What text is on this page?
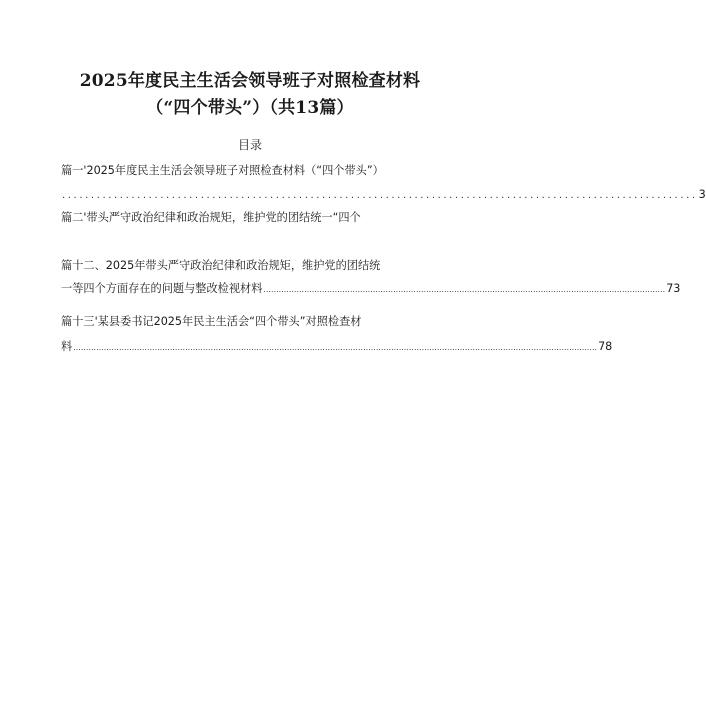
2025年度民主生活会领导班子对照检查材料
（“四个带头”）（共13篇）
目录
篇一'2025年度民主生活会领导班子对照检查材料（“四个带头”）
.............................................................................................................. 3
篇二'带头严守政治纪律和政治规矩，维护党的团结统一“四个
篇十二、2025年带头严守政治纪律和政治规矩，维护党的团结统
一等四个方面存在的问题与整改检视材料 .............................................................................................................................................................. 73
篇十三'某县委书记2025年民主生活会“四个带头”对照检查材
料 .............................................................................................................................................................................................................. 78
